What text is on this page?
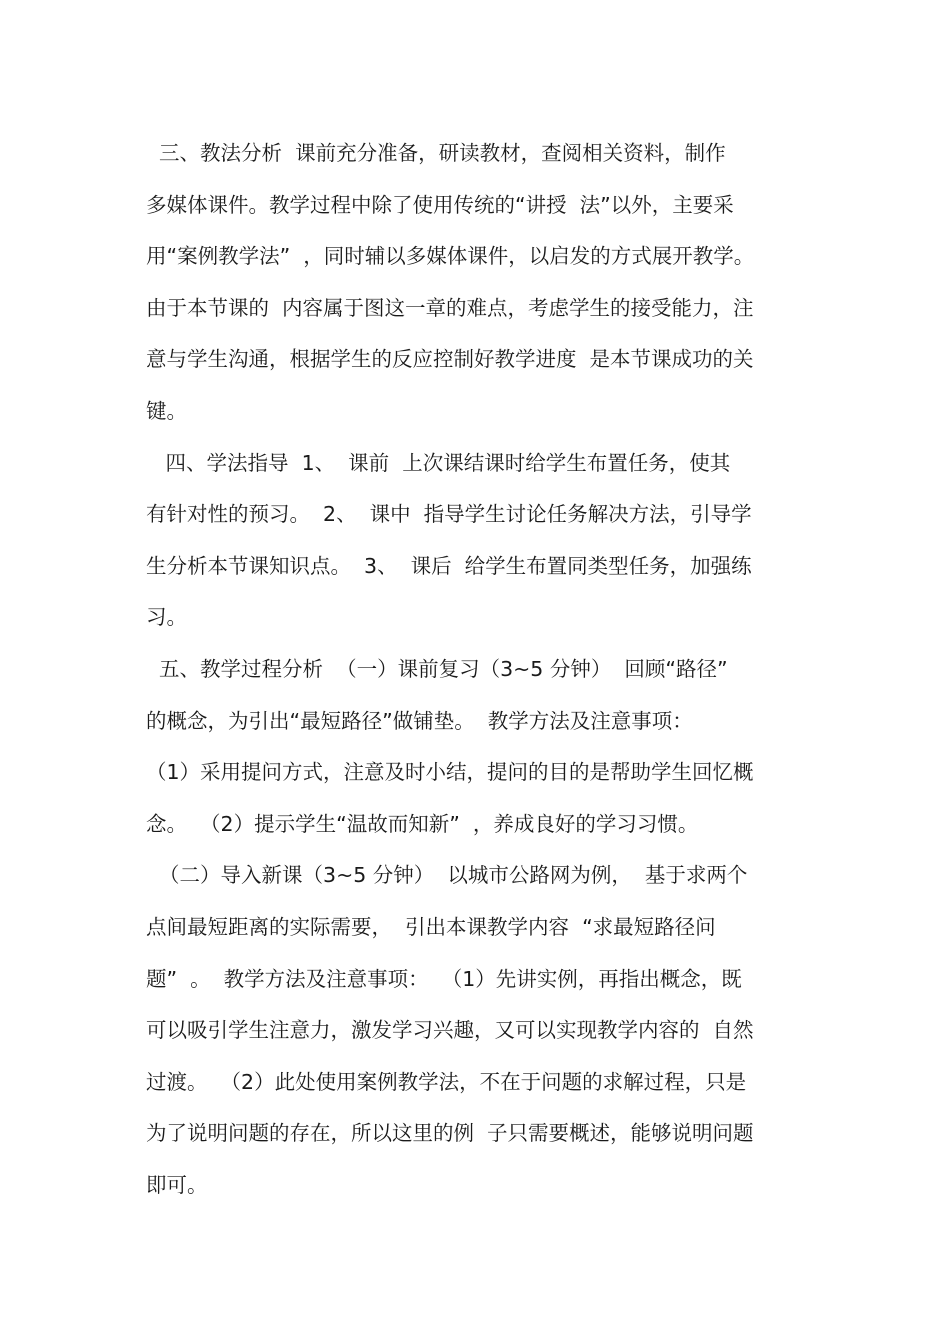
三、教法分析  课前充分准备，研读教材，查阅相关资料，制作
多媒体课件。教学过程中除了使用传统的“讲授  法”以外，主要采
用“案例教学法”  ，同时辅以多媒体课件，以启发的方式展开教学。
由于本节课的  内容属于图这一章的难点，考虑学生的接受能力，注
意与学生沟通，根据学生的反应控制好教学进度  是本节课成功的关
键。
四、学法指导  1、  课前  上次课结课时给学生布置任务，使其
有针对性的预习。  2、  课中  指导学生讨论任务解决方法，引导学
生分析本节课知识点。  3、  课后  给学生布置同类型任务，加强练
习。
五、教学过程分析  （一）课前复习（3~5 分钟）  回顾“路径”
的概念，为引出“最短路径”做铺垫。  教学方法及注意事项：
（1）采用提问方式，注意及时小结，提问的目的是帮助学生回忆概
念。  （2）提示学生“温故而知新”  ，养成良好的学习习惯。
（二）导入新课（3~5 分钟）  以城市公路网为例，  基于求两个
点间最短距离的实际需要，  引出本课教学内容  “求最短路径问
题”  。  教学方法及注意事项：  （1）先讲实例，再指出概念，既
可以吸引学生注意力，激发学习兴趣，又可以实现教学内容的  自然
过渡。  （2）此处使用案例教学法，不在于问题的求解过程，只是
为了说明问题的存在，所以这里的例  子只需要概述，能够说明问题
即可。
